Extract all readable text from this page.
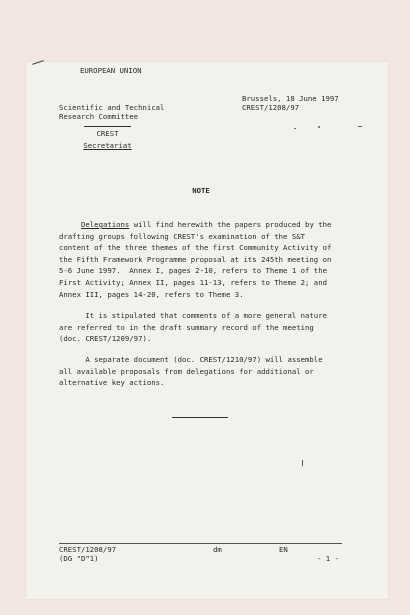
EUROPEAN UNION
Scientific and Technical
Research Committee
CREST
Secretariat
Brussels, 18 June 1997
CREST/1208/97
NOTE
Delegations will find herewith the papers produced by the
drafting groups following CREST's examination of the S&T
content of the three themes of the first Community Activity of
the Fifth Framework Programme proposal at its 245th meeting on
5-6 June 1997.  Annex I, pages 2-10, refers to Theme 1 of the
First Activity; Annex II, pages 11-13, refers to Theme 2; and
Annex III, pages 14-20, refers to Theme 3.
It is stipulated that comments of a more general nature
are referred to in the draft summary record of the meeting
(doc. CREST/1209/97).
A separate document (doc. CREST/1210/97) will assemble
all available proposals from delegations for additional or
alternative key actions.
CREST/1208/97
(DG "D"1)
dm	EN
- 1 -
